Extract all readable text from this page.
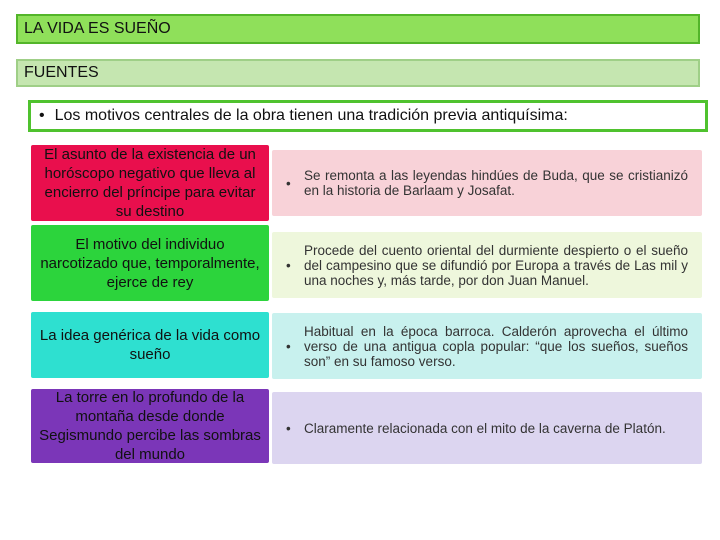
LA VIDA ES SUEÑO
FUENTES
• Los motivos centrales de la obra tienen una tradición previa antiquísima:
El asunto de la existencia de un horóscopo negativo que lleva al encierro del príncipe para evitar su destino
• Se remonta a las leyendas hindúes de Buda, que se cristianizó en la historia de Barlaam y Josafat.
El motivo del individuo narcotizado que, temporalmente, ejerce de rey
•
Procede del cuento oriental del durmiente despierto o el sueño del campesino que se difundió por Europa a través de Las mil y una noches y, más tarde, por don Juan Manuel.
La idea genérica de la vida como sueño	•
Habitual en la época barroca. Calderón aprovecha el último verso de una antigua copla popular: “que los sueños, sueños son” en su famoso verso.
La torre en lo profundo de la montaña desde donde Segismundo percibe las sombras del mundo
• Claramente relacionada con el mito de la caverna de Platón.
